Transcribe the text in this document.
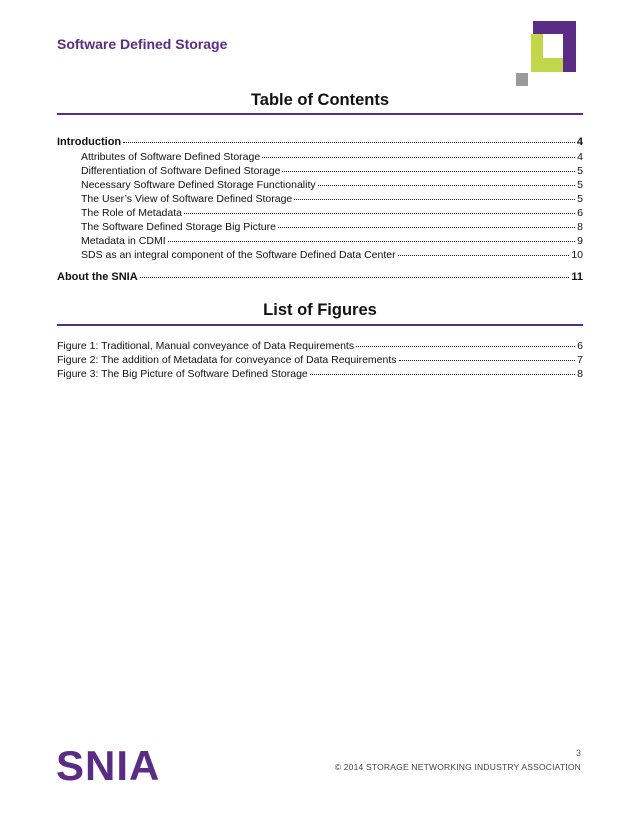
Software Defined Storage
Table of Contents
Introduction	4
Attributes of Software Defined Storage	4
Differentiation of Software Defined Storage	5
Necessary Software Defined Storage Functionality	5
The User’s View of Software Defined Storage	5
The Role of Metadata	6
The Software Defined Storage Big Picture	8
Metadata in CDMI	9
SDS as an integral component of the Software Defined Data Center	10
About the SNIA	11
List of Figures
Figure 1: Traditional, Manual conveyance of Data Requirements	6
Figure 2: The addition of Metadata for conveyance of Data Requirements	7
Figure 3: The Big Picture of Software Defined Storage	8
SNIA	3
© 2014 STORAGE NETWORKING INDUSTRY ASSOCIATION
